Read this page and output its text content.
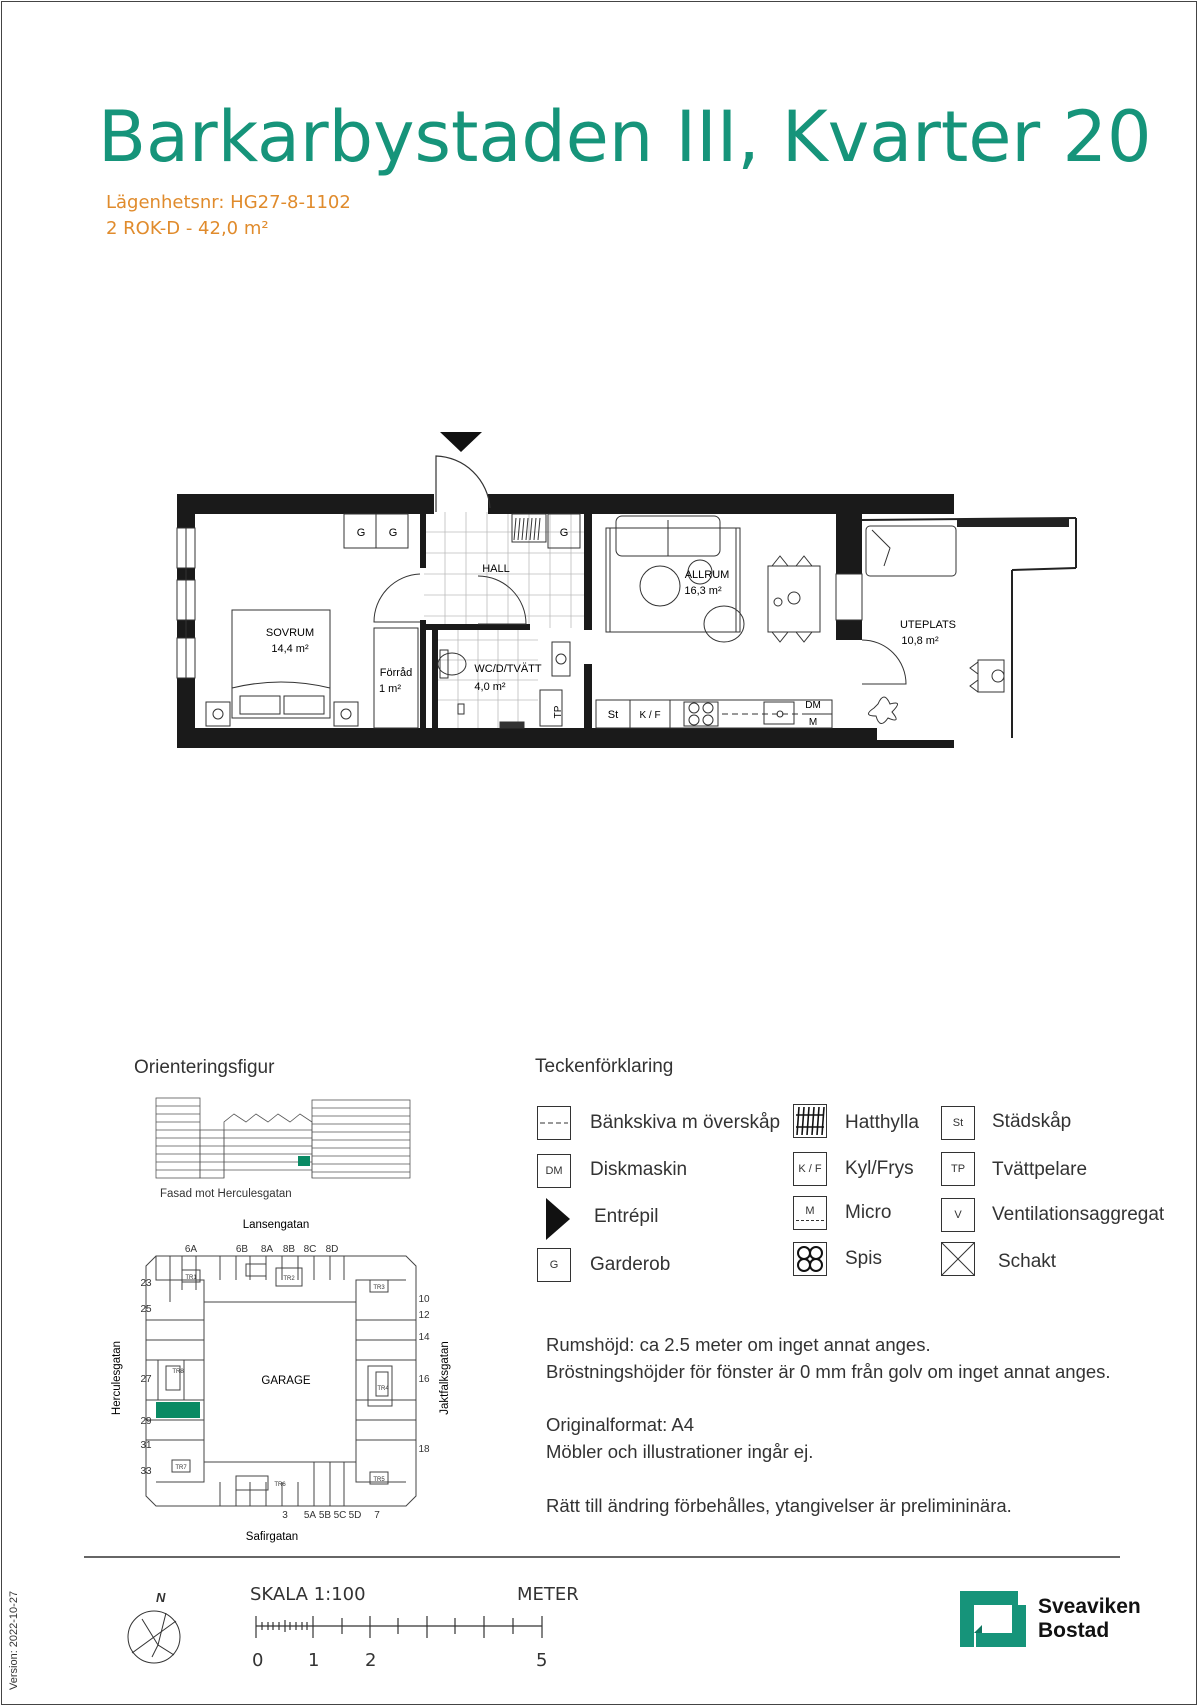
Barkarbystaden III, Kvarter 20
Lägenhetsnr: HG27-8-1102
2 ROK-D - 42,0 m²
G G	G
SOVRUM
14,4 m²
Förråd
1 m²
HALL
WC/D/TVÄTT
4,0 m²
TP
ALLRUM
16,3 m²
St K / F
DM
M
UTEPLATS
10,8 m²
Orienteringsfigur
Fasad mot Herculesgatan
Lansengatan
Safirgatan
Herculesgatan	Jaktfalksgatan
GARAGE
6A	6B 8A 8B 8C 8D
23
25
27
29
31
33
10
12
14
16
18
3 5A 5B 5C 5D 7
TR1	TR2
TR3
TR4
TR5
TR6
TR7
TR8
Teckenförklaring
Bänkskiva m överskåp
DM	Diskmaskin
Entrépil
G	Garderob
Hatthylla
K / F Kyl/Frys
M Micro
Spis
St	Städskåp
TP	Tvättpelare
V	Ventilationsaggregat
Schakt
Rumshöjd: ca 2.5 meter om inget annat anges.
Bröstningshöjder för fönster är 0 mm från golv om inget annat anges.
Originalformat: A4
Möbler och illustrationer ingår ej.
Rätt till ändring förbehålles, ytangivelser är prelimininära.
N	SKALA 1:100	METER
0 1	2	5
Sveaviken
Bostad
Version: 2022-10-27
